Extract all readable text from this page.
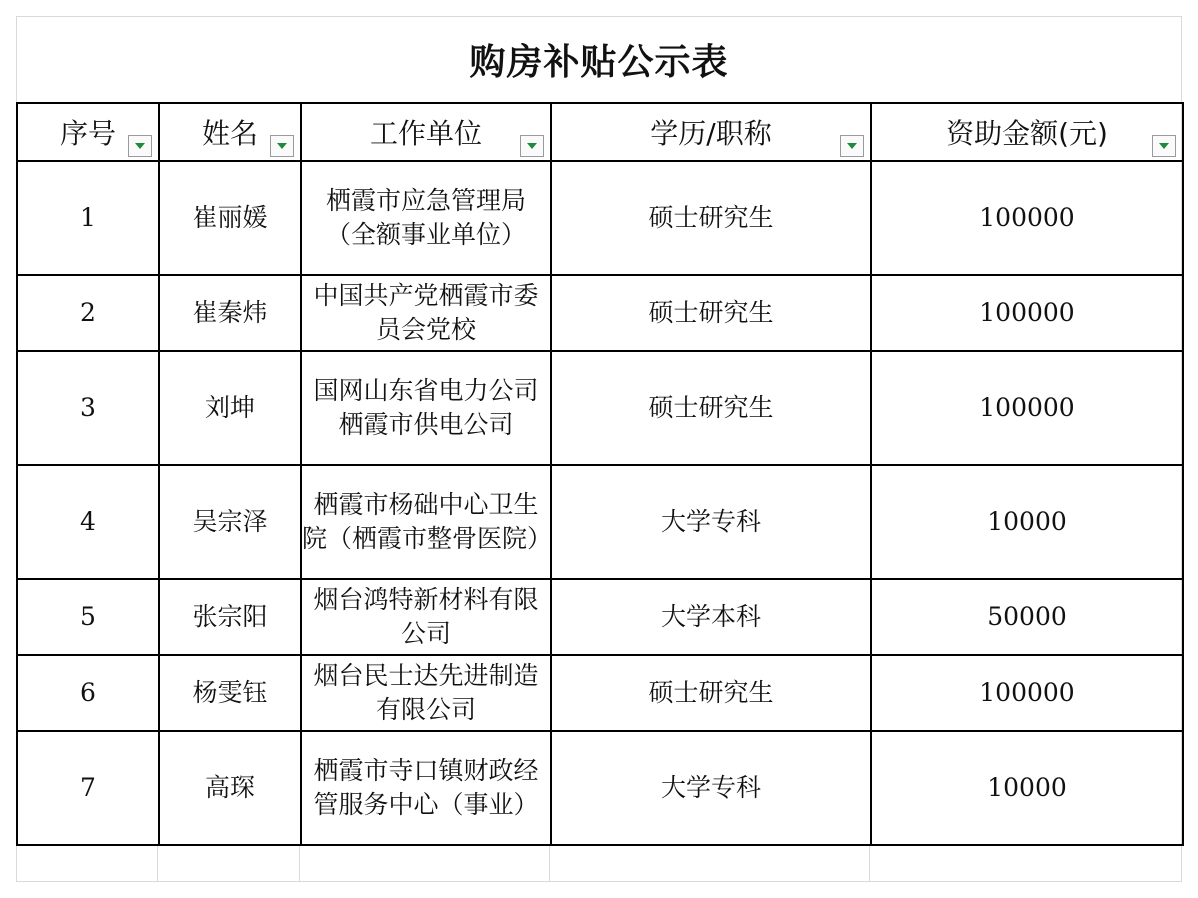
购房补贴公示表
序号	姓名	工作单位	学历/职称	资助金额(元)

1	崔丽媛	栖霞市应急管理局（全额事业单位）	硕士研究生	100000
2	崔秦炜	中国共产党栖霞市委员会党校	硕士研究生	100000
3	刘坤	国网山东省电力公司栖霞市供电公司	硕士研究生	100000
4	吴宗泽	栖霞市杨础中心卫生院（栖霞市整骨医院）	大学专科	10000
5	张宗阳	烟台鸿特新材料有限公司	大学本科	50000
6	杨雯钰	烟台民士达先进制造有限公司	硕士研究生	100000
7	高琛	栖霞市寺口镇财政经管服务中心（事业）	大学专科	10000
